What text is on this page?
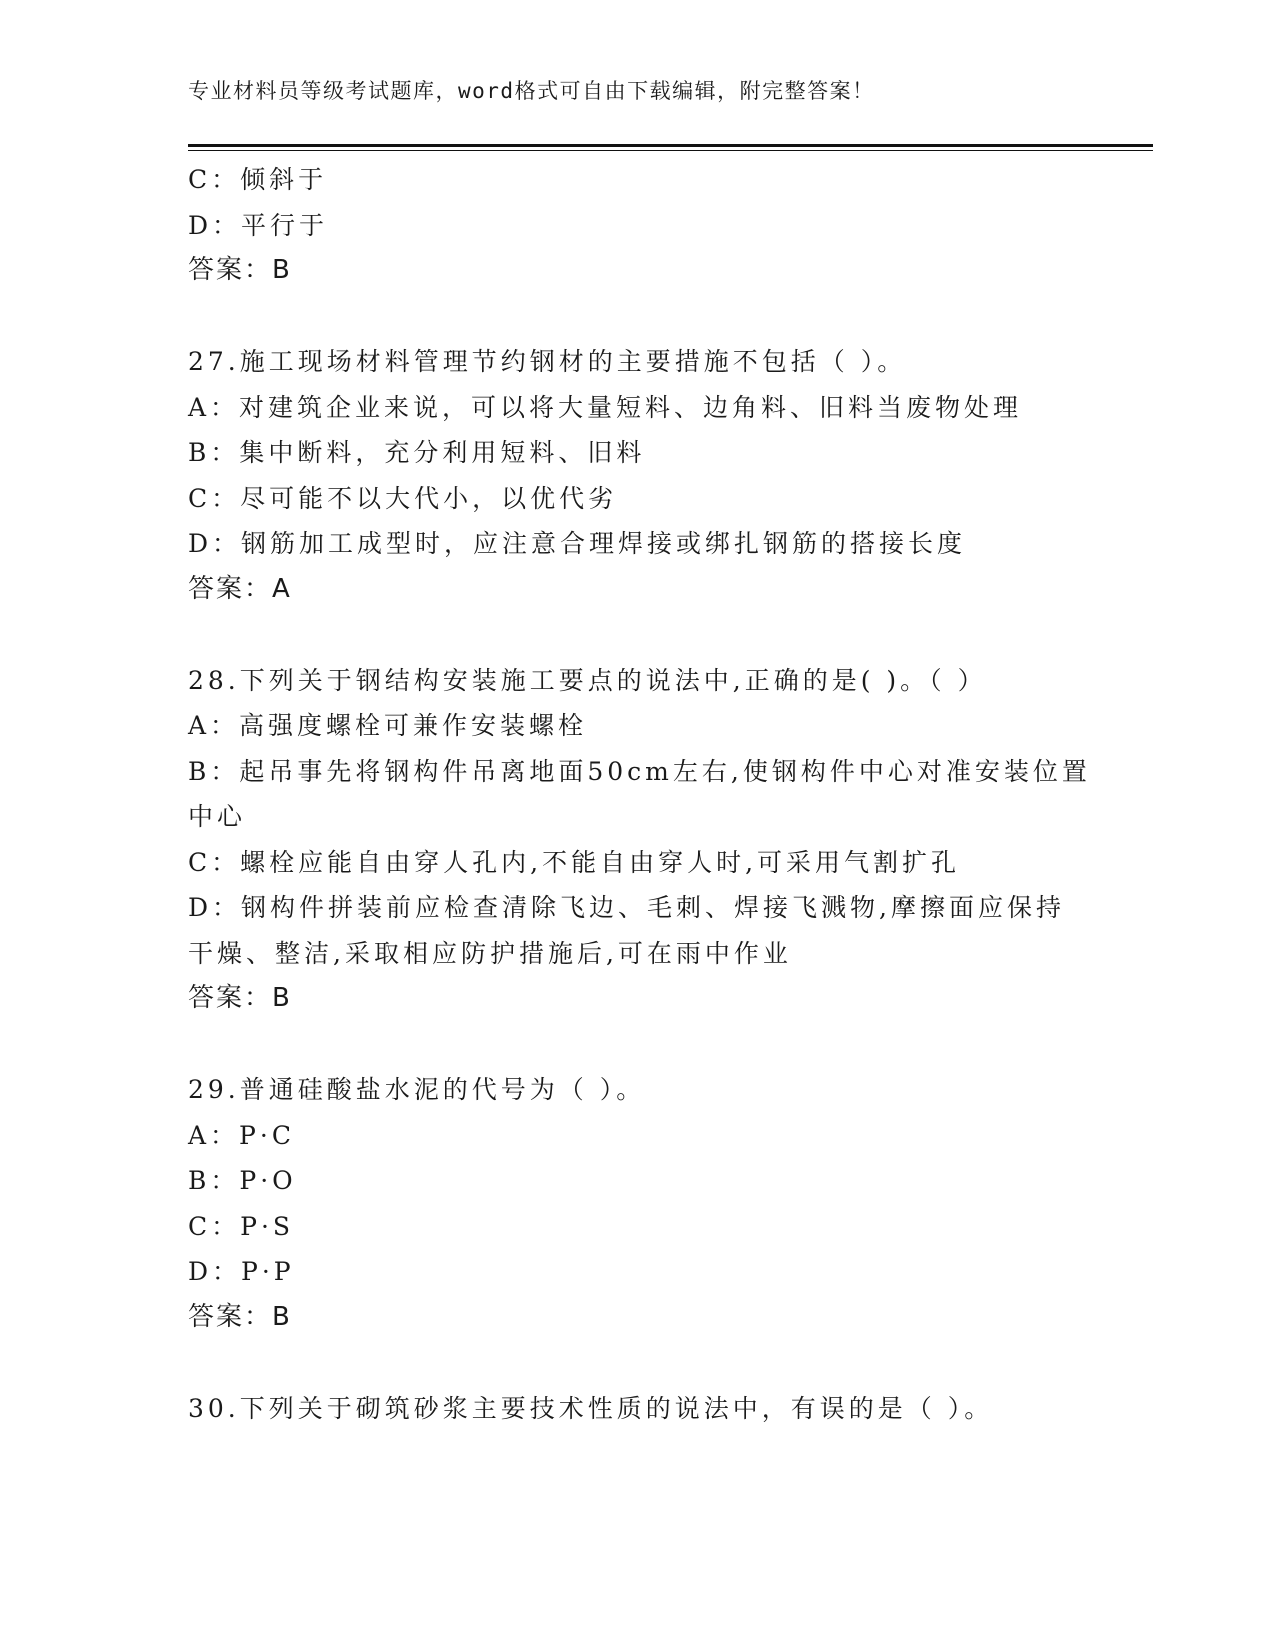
专业材料员等级考试题库，word格式可自由下载编辑，附完整答案！
C：倾斜于
D：平行于
答案：B
27.施工现场材料管理节约钢材的主要措施不包括（ ）。
A：对建筑企业来说，可以将大量短料、边角料、旧料当废物处理
B：集中断料，充分利用短料、旧料
C：尽可能不以大代小，以优代劣
D：钢筋加工成型时，应注意合理焊接或绑扎钢筋的搭接长度
答案：A
28.下列关于钢结构安装施工要点的说法中,正确的是( )。（ ）
A：高强度螺栓可兼作安装螺栓
B：起吊事先将钢构件吊离地面50cm左右,使钢构件中心对准安装位置
中心
C：螺栓应能自由穿人孔内,不能自由穿人时,可采用气割扩孔
D：钢构件拼装前应检查清除飞边、毛刺、焊接飞溅物,摩擦面应保持
干燥、整洁,采取相应防护措施后,可在雨中作业
答案：B
29.普通硅酸盐水泥的代号为（ ）。
A：P·C
B：P·O
C：P·S
D：P·P
答案：B
30.下列关于砌筑砂浆主要技术性质的说法中，有误的是（ ）。
